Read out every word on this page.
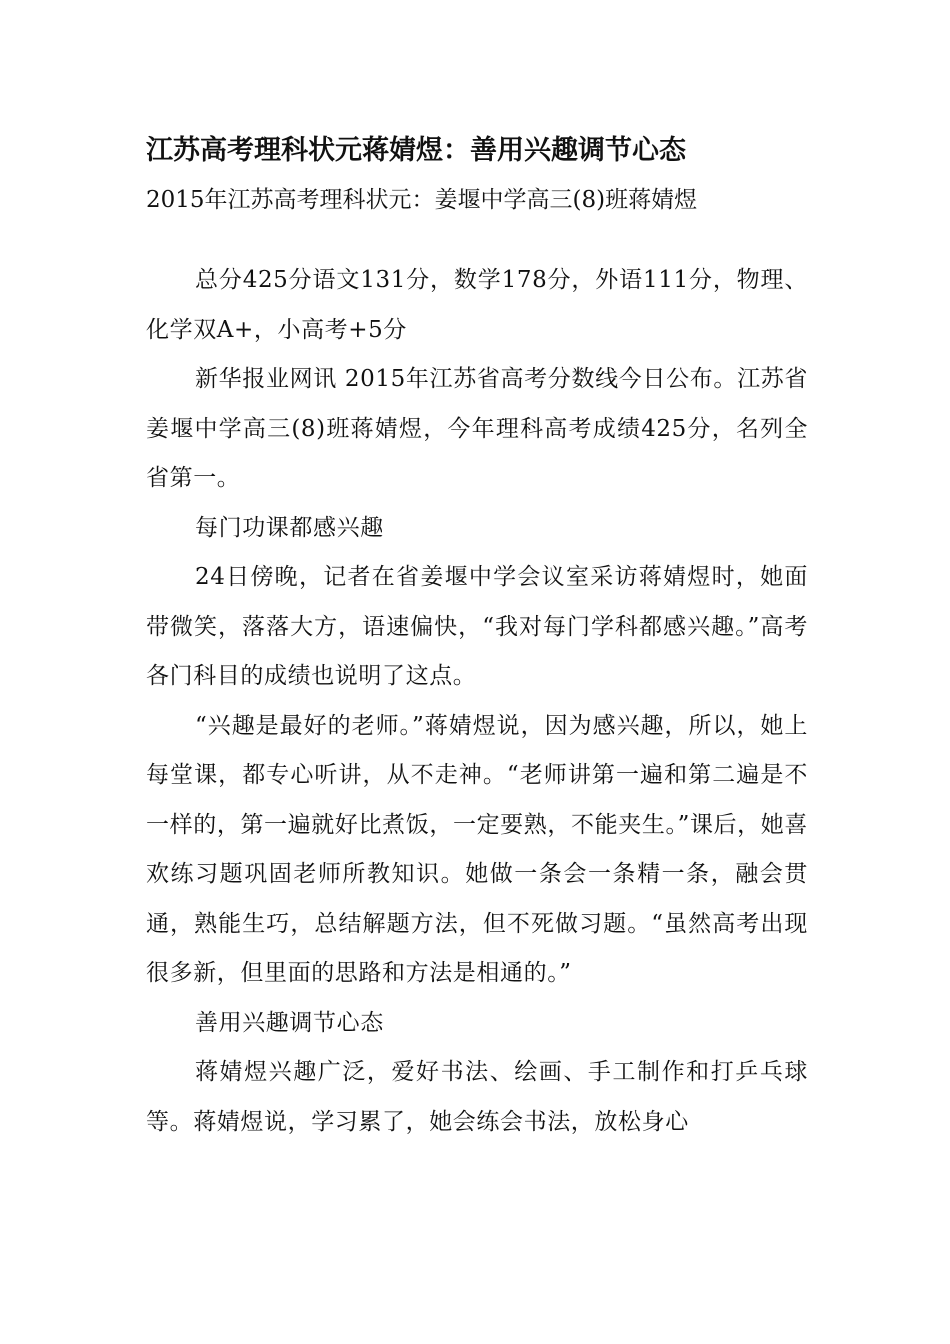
江苏高考理科状元蒋婧煜：善用兴趣调节心态

2015年江苏高考理科状元：姜堰中学高三(8)班蒋婧煜

总分425分语文131分，数学178分，外语111分，物理、化学双A+，小高考+5分

新华报业网讯 2015年江苏省高考分数线今日公布。江苏省姜堰中学高三(8)班蒋婧煜，今年理科高考成绩425分，名列全省第一。

每门功课都感兴趣

24日傍晚，记者在省姜堰中学会议室采访蒋婧煜时，她面带微笑，落落大方，语速偏快，“我对每门学科都感兴趣。”高考各门科目的成绩也说明了这点。

“兴趣是最好的老师。”蒋婧煜说，因为感兴趣，所以，她上每堂课，都专心听讲，从不走神。“老师讲第一遍和第二遍是不一样的，第一遍就好比煮饭，一定要熟，不能夹生。”课后，她喜欢练习题巩固老师所教知识。她做一条会一条精一条，融会贯通，熟能生巧，总结解题方法，但不死做习题。“虽然高考出现很多新，但里面的思路和方法是相通的。”

善用兴趣调节心态

蒋婧煜兴趣广泛，爱好书法、绘画、手工制作和打乒乓球等。蒋婧煜说，学习累了，她会练会书法，放松身心
